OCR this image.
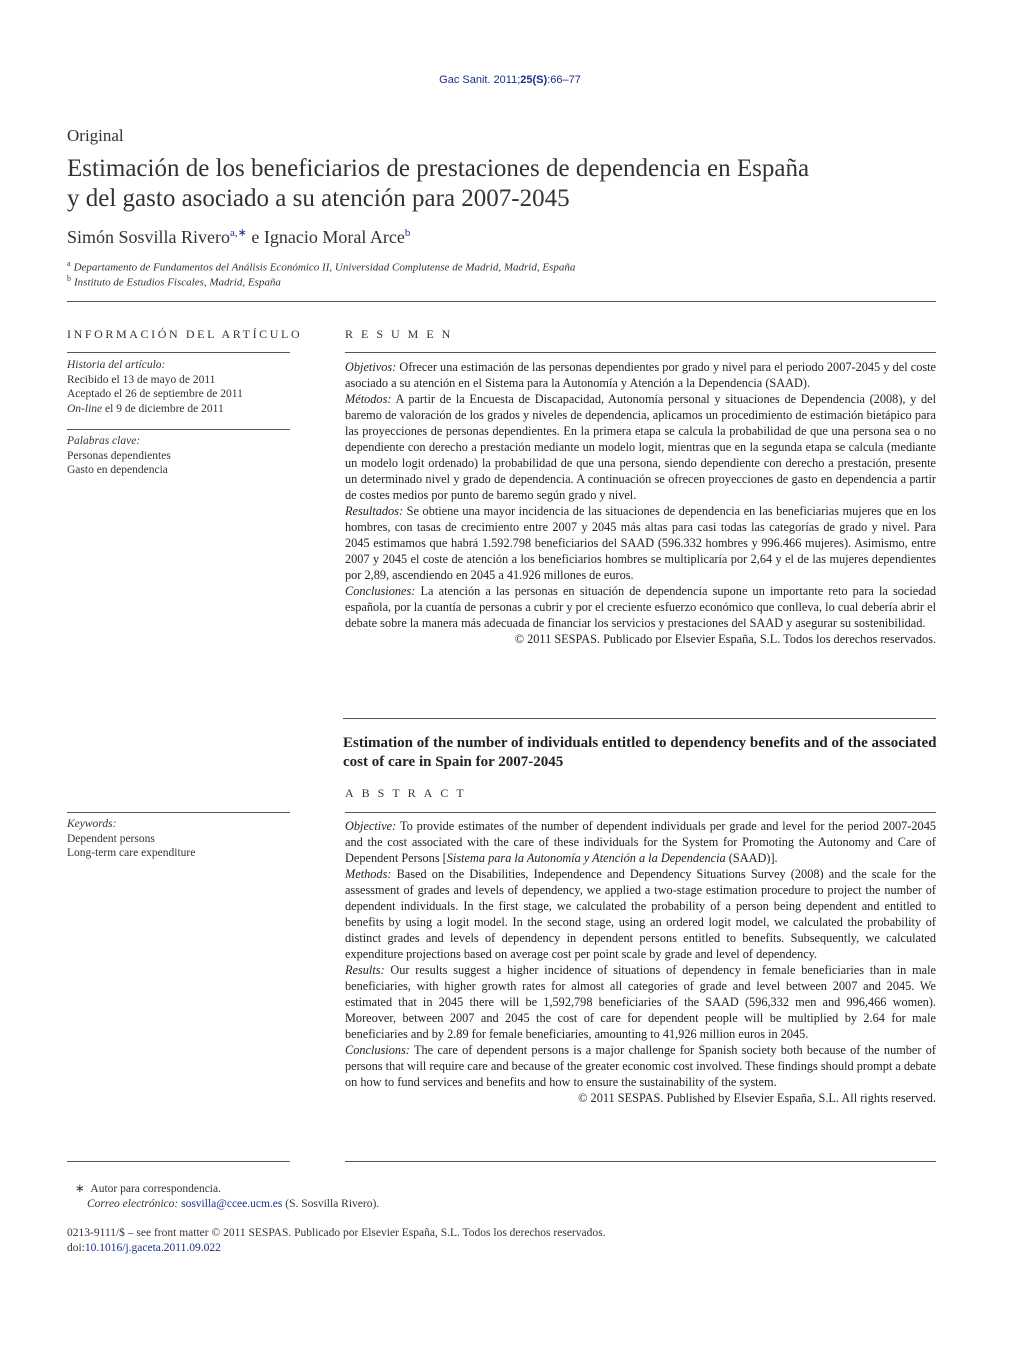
Gac Sanit. 2011;25(S):66–77
Original
Estimación de los beneficiarios de prestaciones de dependencia en España
y del gasto asociado a su atención para 2007-2045
Simón Sosvilla Rivero$^{a,∗}$ e Ignacio Moral Arce$^b$
$^a$ Departamento de Fundamentos del Análisis Económico II, Universidad Complutense de Madrid, Madrid, España
$^b$ Instituto de Estudios Fiscales, Madrid, España
INFORMACIÓN DEL ARTÍCULO
Historia del artículo:
Recibido el 13 de mayo de 2011
Aceptado el 26 de septiembre de 2011
On-line el 9 de diciembre de 2011
Palabras clave:
Personas dependientes
Gasto en dependencia
RESUMEN

Objetivos: Ofrecer una estimación de las personas dependientes por grado y nivel para el periodo 2007-2045 y del coste asociado a su atención en el Sistema para la Autonomía y Atención a la Dependencia (SAAD).

Métodos: A partir de la Encuesta de Discapacidad, Autonomía personal y situaciones de Dependencia (2008), y del baremo de valoración de los grados y niveles de dependencia, aplicamos un procedimiento de estimación bietápico para las proyecciones de personas dependientes. En la primera etapa se calcula la probabilidad de que una persona sea o no dependiente con derecho a prestación mediante un modelo logit, mientras que en la segunda etapa se calcula (mediante un modelo logit ordenado) la probabilidad de que una persona, siendo dependiente con derecho a prestación, presente un determinado nivel y grado de dependencia. A continuación se ofrecen proyecciones de gasto en dependencia a partir de costes medios por punto de baremo según grado y nivel.

Resultados: Se obtiene una mayor incidencia de las situaciones de dependencia en las beneficiarias mujeres que en los hombres, con tasas de crecimiento entre 2007 y 2045 más altas para casi todas las categorías de grado y nivel. Para 2045 estimamos que habrá 1.592.798 beneficiarios del SAAD (596.332 hombres y 996.466 mujeres). Asimismo, entre 2007 y 2045 el coste de atención a los beneficiarios hombres se multiplicaría por 2,64 y el de las mujeres dependientes por 2,89, ascendiendo en 2045 a 41.926 millones de euros.

Conclusiones: La atención a las personas en situación de dependencia supone un importante reto para la sociedad española, por la cuantía de personas a cubrir y por el creciente esfuerzo económico que conlleva, lo cual debería abrir el debate sobre la manera más adecuada de financiar los servicios y prestaciones del SAAD y asegurar su sostenibilidad.

© 2011 SESPAS. Publicado por Elsevier España, S.L. Todos los derechos reservados.

Estimation of the number of individuals entitled to dependency benefits and of the associated cost of care in Spain for 2007-2045
ABSTRACT
Keywords:
Dependent persons
Long-term care expenditure

Objective: To provide estimates of the number of dependent individuals per grade and level for the period 2007-2045 and the cost associated with the care of these individuals for the System for Promoting the Autonomy and Care of Dependent Persons [Sistema para la Autonomía y Atención a la Dependencia (SAAD)].

Methods: Based on the Disabilities, Independence and Dependency Situations Survey (2008) and the scale for the assessment of grades and levels of dependency, we applied a two-stage estimation procedure to project the number of dependent individuals. In the first stage, we calculated the probability of a person being dependent and entitled to benefits by using a logit model. In the second stage, using an ordered logit model, we calculated the probability of distinct grades and levels of dependency in dependent persons entitled to benefits. Subsequently, we calculated expenditure projections based on average cost per point scale by grade and level of dependency.

Results: Our results suggest a higher incidence of situations of dependency in female beneficiaries than in male beneficiaries, with higher growth rates for almost all categories of grade and level between 2007 and 2045. We estimated that in 2045 there will be 1,592,798 beneficiaries of the SAAD (596,332 men and 996,466 women). Moreover, between 2007 and 2045 the cost of care for dependent people will be multiplied by 2.64 for male beneficiaries and by 2.89 for female beneficiaries, amounting to 41,926 million euros in 2045.

Conclusions: The care of dependent persons is a major challenge for Spanish society both because of the number of persons that will require care and because of the greater economic cost involved. These findings should prompt a debate on how to fund services and benefits and how to ensure the sustainability of the system.

© 2011 SESPAS. Published by Elsevier España, S.L. All rights reserved.

∗ Autor para correspondencia.
Correo electrónico: sosvilla@ccee.ucm.es (S. Sosvilla Rivero).
0213-9111/$ – see front matter © 2011 SESPAS. Publicado por Elsevier España, S.L. Todos los derechos reservados.
doi:10.1016/j.gaceta.2011.09.022
